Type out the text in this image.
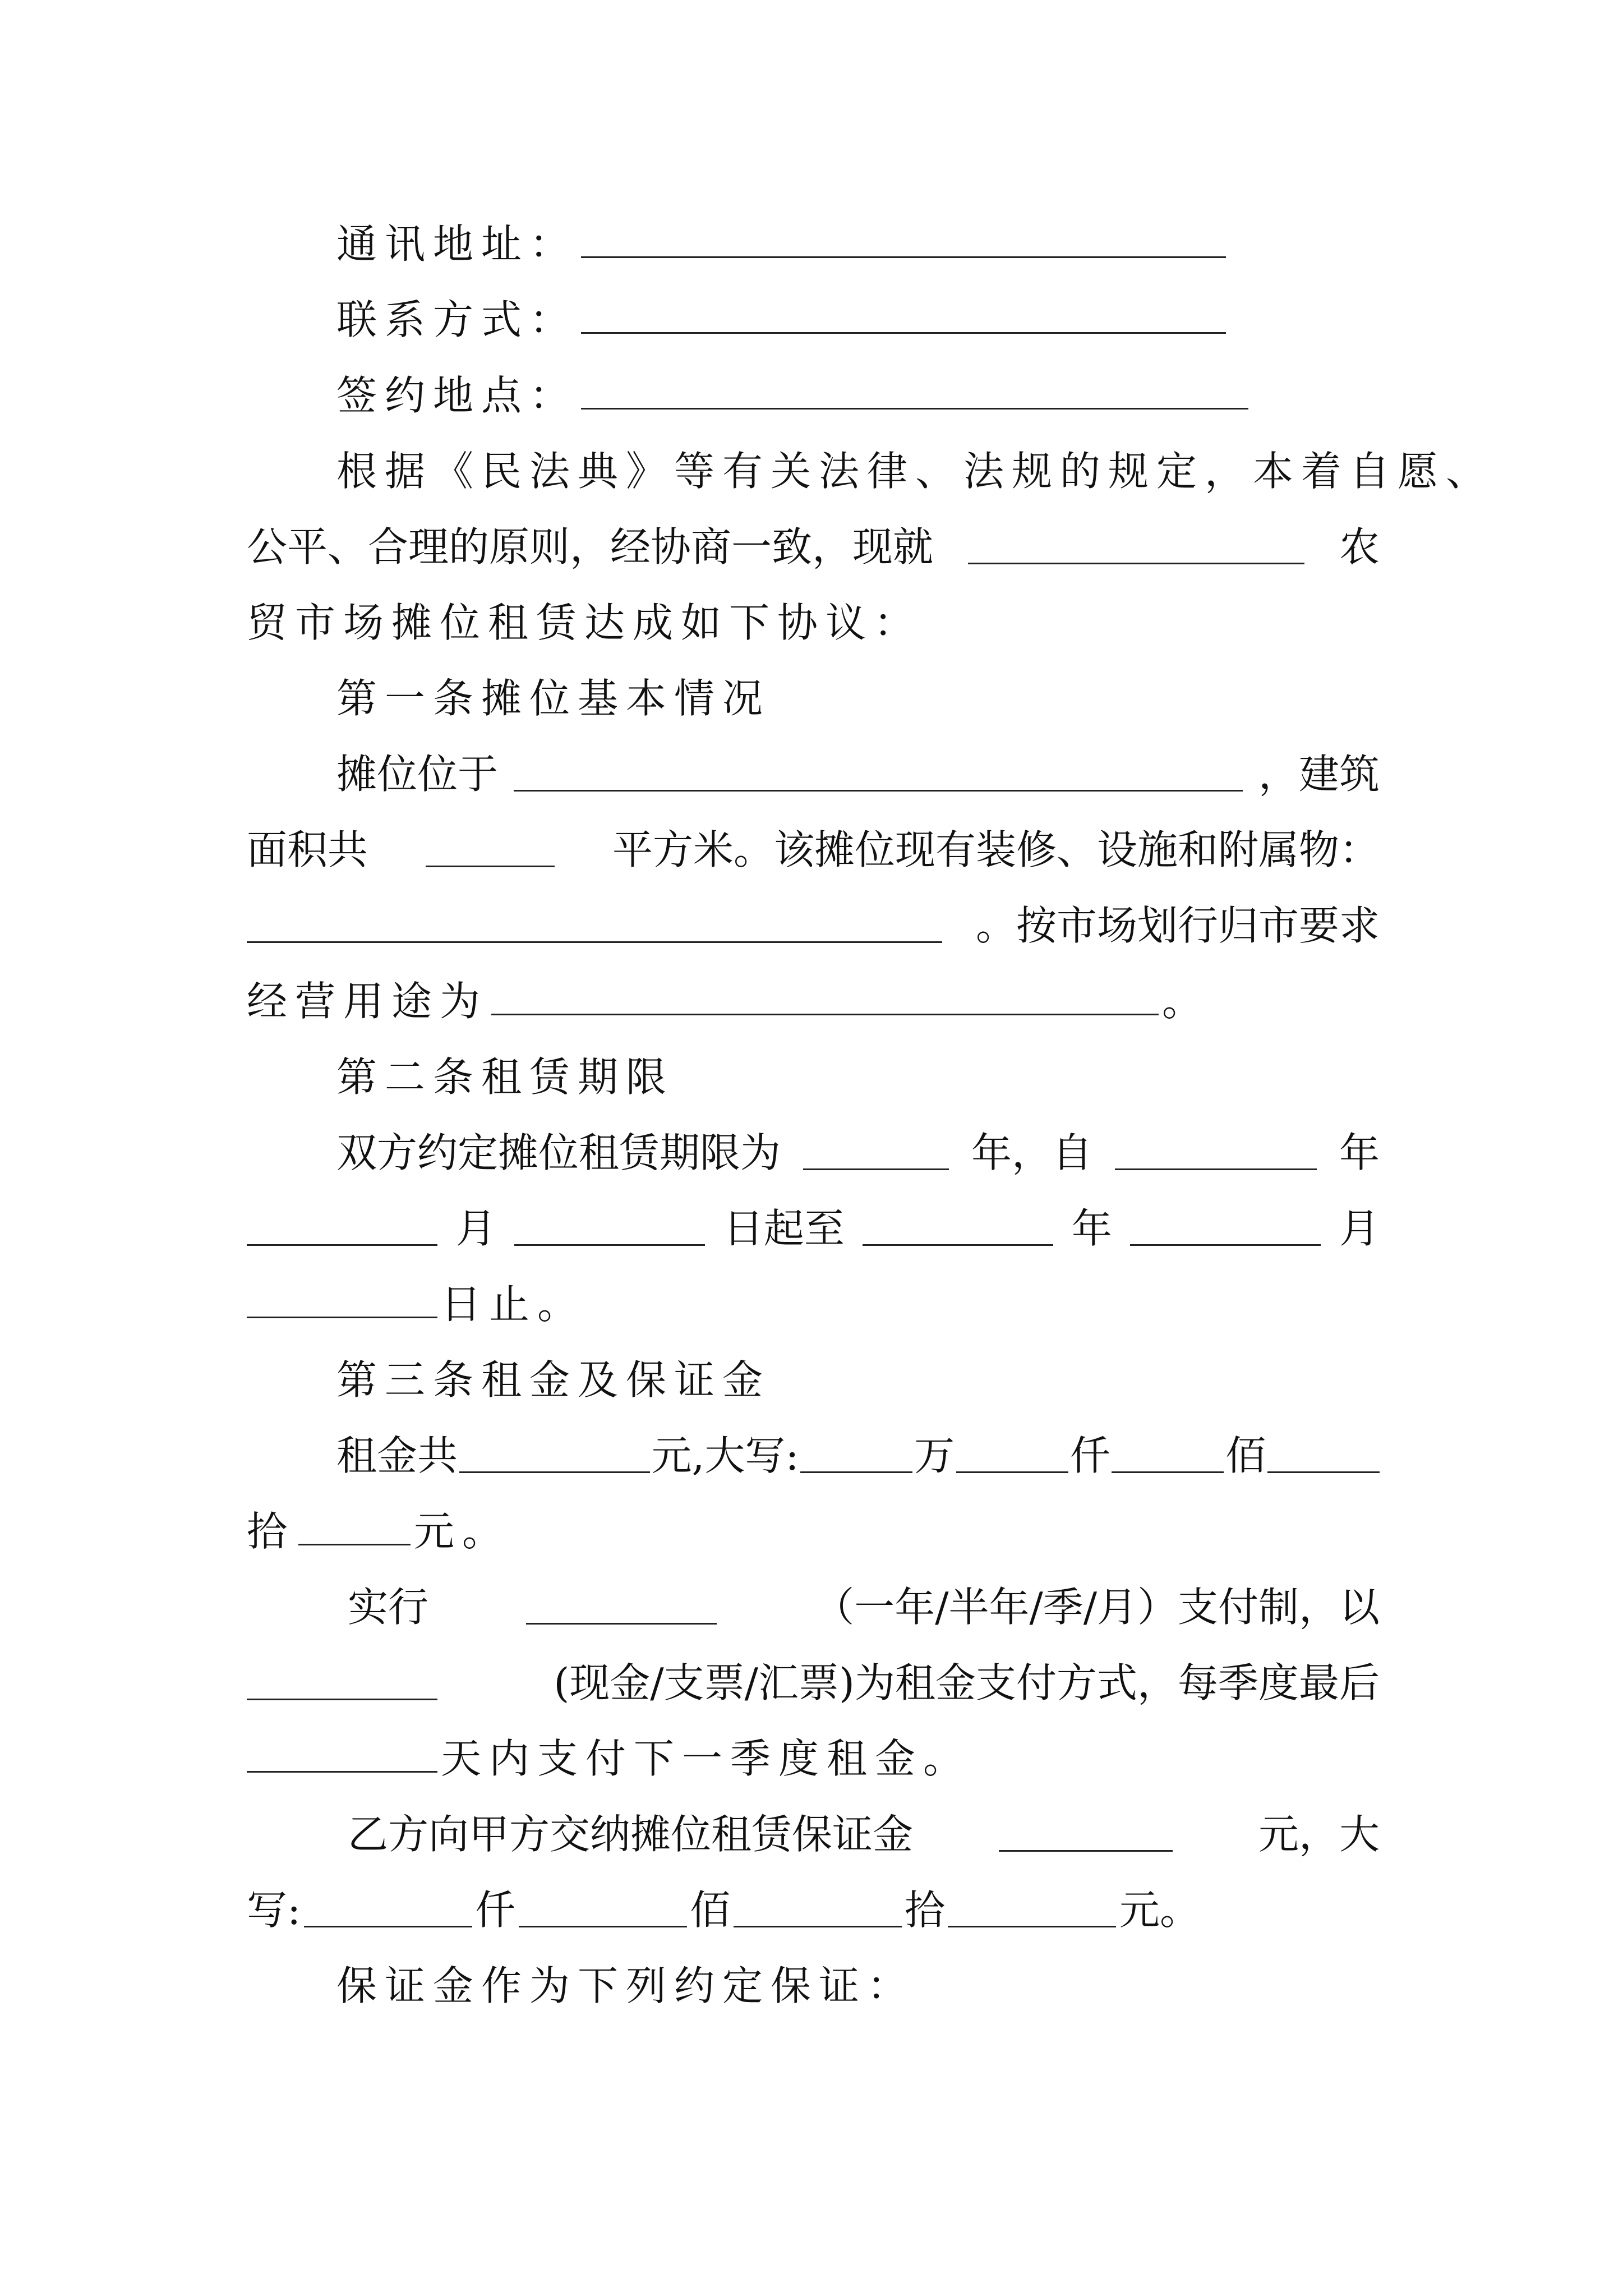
通讯地址：
联系方式：
签约地点：
根据《民法典》等有关法律、法规的规定，本着自愿、
公平、合理的原则，经协商一致，现就	农
贸市场摊位租赁达成如下协议：
第一条摊位基本情况
摊位位于	，建筑
面积共	平方米。该摊位现有装修、设施和附属物：
。按市场划行归市要求
经营用途为	。
第二条租赁期限
双方约定摊位租赁期限为	年，自	年
月	日起至	年	月
日止。
第三条租金及保证金
租金共	元,大写:	万	仟	佰
拾	元。
实行	（一年/半年/季/月）支付制，以
(现金/支票/汇票)为租金支付方式，每季度最后
天内支付下一季度租金。
乙方向甲方交纳摊位租赁保证金	元，大
写:	仟	佰	拾	元。
保证金作为下列约定保证：
